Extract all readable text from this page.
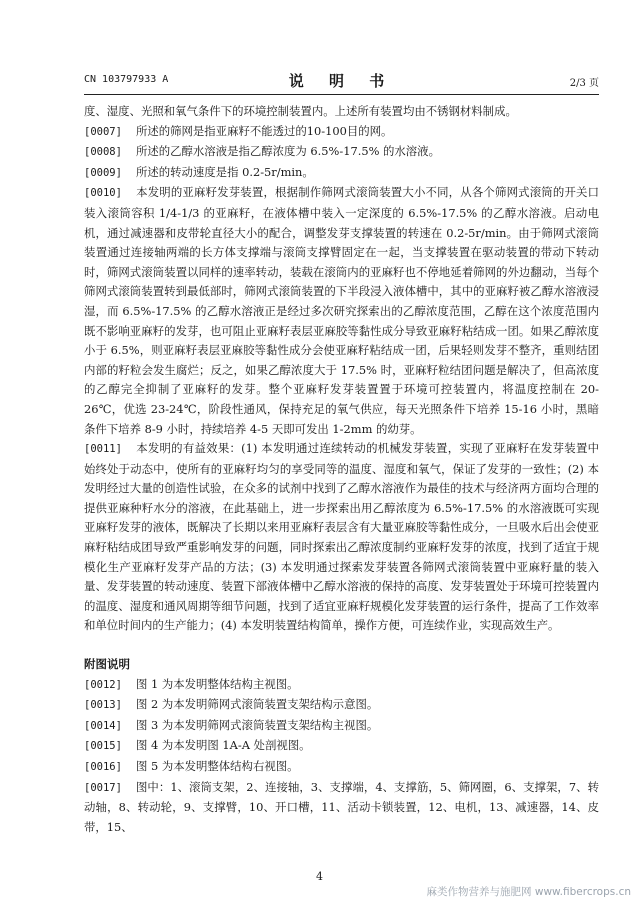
CN 103797933 A	说 明 书	2/3 页

度、湿度、光照和氧气条件下的环境控制装置内。上述所有装置均由不锈钢材料制成。

[0007] 所述的筛网是指亚麻籽不能透过的10-100目的网。

[0008] 所述的乙醇水溶液是指乙醇浓度为 6.5%-17.5% 的水溶液。

[0009] 所述的转动速度是指 0.2-5r/min。

[0010] 本发明的亚麻籽发芽装置，根据制作筛网式滚筒装置大小不同，从各个筛网式滚筒的开关口装入滚筒容积 1/4-1/3 的亚麻籽，在液体槽中装入一定深度的 6.5%-17.5% 的乙醇水溶液。启动电机，通过减速器和皮带轮直径大小的配合，调整发芽支撑装置的转速在 0.2-5r/min。由于筛网式滚筒装置通过连接轴两端的长方体支撑端与滚筒支撑臂固定在一起，当支撑装置在驱动装置的带动下转动时，筛网式滚筒装置以同样的速率转动，装载在滚筒内的亚麻籽也不停地延着筛网的外边翻动，当每个筛网式滚筒装置转到最低部时，筛网式滚筒装置的下半段浸入液体槽中，其中的亚麻籽被乙醇水溶液浸湿，而 6.5%-17.5% 的乙醇水溶液正是经过多次研究探索出的乙醇浓度范围，乙醇在这个浓度范围内既不影响亚麻籽的发芽，也可阻止亚麻籽表层亚麻胶等黏性成分导致亚麻籽粘结成一团。如果乙醇浓度小于 6.5%，则亚麻籽表层亚麻胶等黏性成分会使亚麻籽粘结成一团，后果轻则发芽不整齐，重则结团内部的籽粒会发生腐烂；反之，如果乙醇浓度大于 17.5% 时，亚麻籽粒结团问题是解决了，但高浓度的乙醇完全抑制了亚麻籽的发芽。整个亚麻籽发芽装置置于环境可控装置内，将温度控制在 20-26℃，优选 23-24℃，阶段性通风，保持充足的氧气供应，每天光照条件下培养 15-16 小时，黑暗条件下培养 8-9 小时，持续培养 4-5 天即可发出 1-2mm 的幼芽。

[0011] 本发明的有益效果：(1) 本发明通过连续转动的机械发芽装置，实现了亚麻籽在发芽装置中始终处于动态中，使所有的亚麻籽均匀的享受同等的温度、湿度和氧气，保证了发芽的一致性；(2) 本发明经过大量的创造性试验，在众多的试剂中找到了乙醇水溶液作为最佳的技术与经济两方面均合理的提供亚麻种籽水分的溶液，在此基础上，进一步探索出用乙醇浓度为 6.5%-17.5% 的水溶液既可实现亚麻籽发芽的液体，既解决了长期以来用亚麻籽表层含有大量亚麻胶等黏性成分，一旦吸水后出会使亚麻籽粘结成团导致严重影响发芽的问题，同时探索出乙醇浓度制约亚麻籽发芽的浓度，找到了适宜于规模化生产亚麻籽发芽产品的方法；(3) 本发明通过探索发芽装置各筛网式滚筒装置中亚麻籽量的装入量、发芽装置的转动速度、装置下部液体槽中乙醇水溶液的保持的高度、发芽装置处于环境可控装置内的温度、湿度和通风周期等细节问题，找到了适宜亚麻籽规模化发芽装置的运行条件，提高了工作效率和单位时间内的生产能力；(4) 本发明装置结构简单，操作方便，可连续作业，实现高效生产。

附图说明

[0012] 图 1 为本发明整体结构主视图。

[0013] 图 2 为本发明筛网式滚筒装置支架结构示意图。

[0014] 图 3 为本发明筛网式滚筒装置支架结构主视图。

[0015] 图 4 为本发明图 1A-A 处剖视图。

[0016] 图 5 为本发明整体结构右视图。

[0017] 图中：1、滚筒支架，2、连接轴，3、支撑端，4、支撑筋，5、筛网圈，6、支撑架，7、转动轴，8、转动轮，9、支撑臂，10、开口槽，11、活动卡锁装置，12、电机，13、减速器，14、皮带，15、

4
麻类作物营养与施肥网 www.fibercrops.cn
